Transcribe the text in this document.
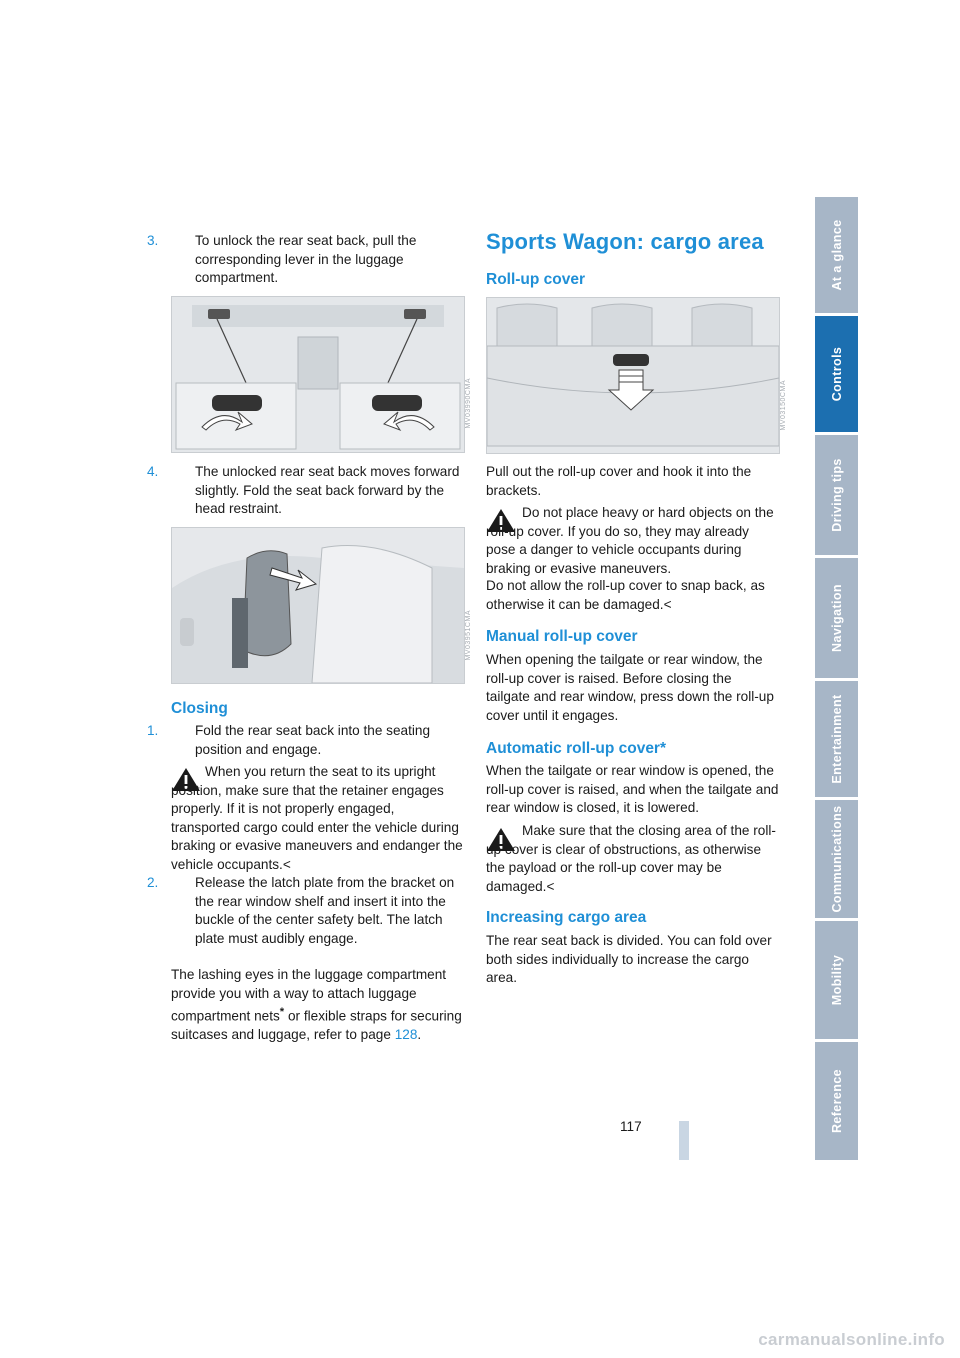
3.	To unlock the rear seat back, pull the corresponding lever in the luggage compartment.
MV03990CMA
4.	The unlocked rear seat back moves forward slightly. Fold the seat back forward by the head restraint.
MV03951CMA
Closing
1.	Fold the rear seat back into the seating position and engage.
When you return the seat to its upright position, make sure that the retainer engages properly. If it is not properly engaged, transported cargo could enter the vehicle during braking or evasive maneuvers and endanger the vehicle occupants.<
2.	Release the latch plate from the bracket on the rear window shelf and insert it into the buckle of the center safety belt. The latch plate must audibly engage.
The lashing eyes in the luggage compartment provide you with a way to attach luggage compartment nets* or flexible straps for securing suitcases and luggage, refer to page 128.
Sports Wagon: cargo area
Roll-up cover
MV03150CMA
Pull out the roll-up cover and hook it into the brackets.
Do not place heavy or hard objects on the roll-up cover. If you do so, they may already pose a danger to vehicle occupants during braking or evasive maneuvers.
Do not allow the roll-up cover to snap back, as otherwise it can be damaged.<
Manual roll-up cover
When opening the tailgate or rear window, the roll-up cover is raised. Before closing the tailgate and rear window, press down the roll-up cover until it engages.
Automatic roll-up cover*
When the tailgate or rear window is opened, the roll-up cover is raised, and when the tailgate and rear window is closed, it is lowered.
Make sure that the closing area of the roll-up cover is clear of obstructions, as otherwise the payload or the roll-up cover may be damaged.<
Increasing cargo area
The rear seat back is divided. You can fold over both sides individually to increase the cargo area.
At a glance
Controls
Driving tips
Navigation
Entertainment
Communications
Mobility
Reference
117
carmanualsonline.info
